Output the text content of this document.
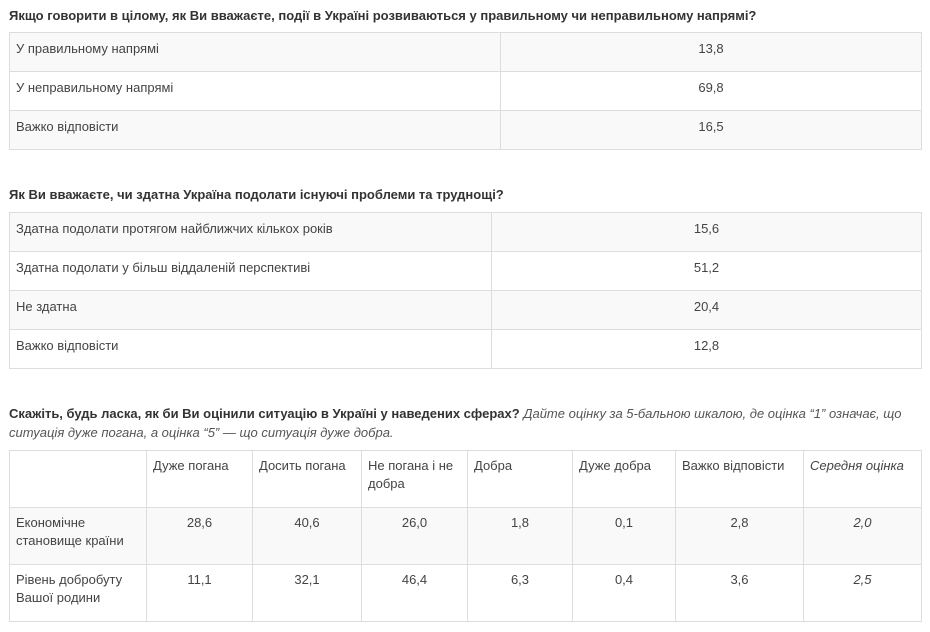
Якщо говорити в цілому, як Ви вважаєте, події в Україні розвиваються у правильному чи неправильному напрямі?
У правильному напрямі	13,8

У неправильному напрямі	69,8

Важко відповісти	16,5
Як Ви вважаєте, чи здатна Україна подолати існуючі проблеми та труднощі?
Здатна подолати протягом найближчих кількох років	15,6

Здатна подолати у більш віддаленій перспективі	51,2

Не здатна	20,4

Важко відповісти	12,8
Скажіть, будь ласка, як би Ви оцінили ситуацію в Україні у наведених сферах? Дайте оцінку за 5-бальною шкалою, де оцінка “1” означає, що ситуація дуже погана, а оцінка “5” — що ситуація дуже добра.

	Дуже погана	Досить погана	Не погана і не добра	Добра	Дуже добра	Важко відповісти	Середня оцінка

Економічне становище країни	28,6	40,6	26,0	1,8	0,1	2,8	2,0

Рівень добробуту Вашої родини	11,1	32,1	46,4	6,3	0,4	3,6	2,5
